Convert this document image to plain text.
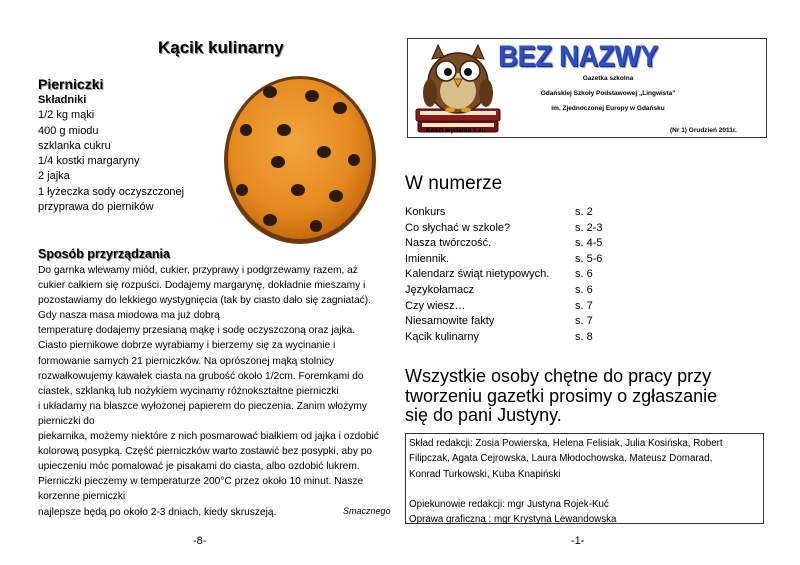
Kącik kulinarny
Pierniczki
Składniki
1/2 kg mąki
400 g miodu
szklanka cukru
1/4 kostki margaryny
2 jajka
1 łyżeczka sody oczyszczonej
przyprawa do pierników
Sposób przyrządzania
Do garnka wlewamy miód, cukier, przyprawy i podgrzewamy razem, aż
cukier całkiem się rozpuści. Dodajemy margarynę, dokładnie mieszamy i
pozostawiamy do lekkiego wystygnięcia (tak by ciasto dało się zagniatać).
Gdy nasza masa miodowa ma już dobrą
temperaturę dodajemy przesianą mąkę i sodę oczyszczoną oraz jajka.
Ciasto piernikowe dobrze wyrabiamy i bierzemy się za wycinanie i
formowanie samych 21 pierniczków. Na oprószonej mąką stolnicy
rozwałkowujemy kawałek ciasta na grubość około 1/2cm. Foremkami do
ciastek, szklanką lub nożykiem wycinamy różnokształtne pierniczki
i układamy na blaszce wyłożonej papierem do pieczenia. Zanim włożymy
pierniczki do
piekarnika, możemy niektóre z nich posmarować białkiem od jajka i ozdobić
kolorową posypką. Część pierniczków warto zostawić bez posypki, aby po
upieczeniu móc pomalować je pisakami do ciasta, albo ozdobić lukrem.
Pierniczki pieczemy w temperaturze 200°C przez około 10 minut. Nasze
korzenne pierniczki
najlepsze będą po około 2-3 dniach, kiedy skruszeją.	Smacznego
-8-
BEZ NAZWY
Gazetka szkolna
Gdańskiej Szkoły Podstawowej „Lingwista"
im. Zjednoczonej Europy w Gdańsku
Koszt wydania 1 zł.	(Nr 1) Grudzień 2011r.
W numerze
Konkurs	s. 2
Co słychać w szkole?	s. 2-3
Nasza twórczość.	s. 4-5
Imiennik.	s. 5-6
Kalendarz świąt nietypowych. s. 6
Językołamacz	s. 6
Czy wiesz…	s. 7
Niesamowite fakty	s. 7
Kącik kulinarny	s. 8
Wszystkie osoby chętne do pracy przy
tworzeniu gazetki prosimy o zgłaszanie
się do pani Justyny.
Skład redakcji: Zosia Powierska, Helena Felisiak, Julia Kosińska, Robert
Filipczak, Agata Cejrowska, Laura Młodochowska, Mateusz Domarad,
Konrad Turkowski, Kuba Knapiński
Opiekunowie redakcji: mgr Justyna Rojek-Kuć
Oprawa graficzna : mgr Krystyna Lewandowska
-1-
